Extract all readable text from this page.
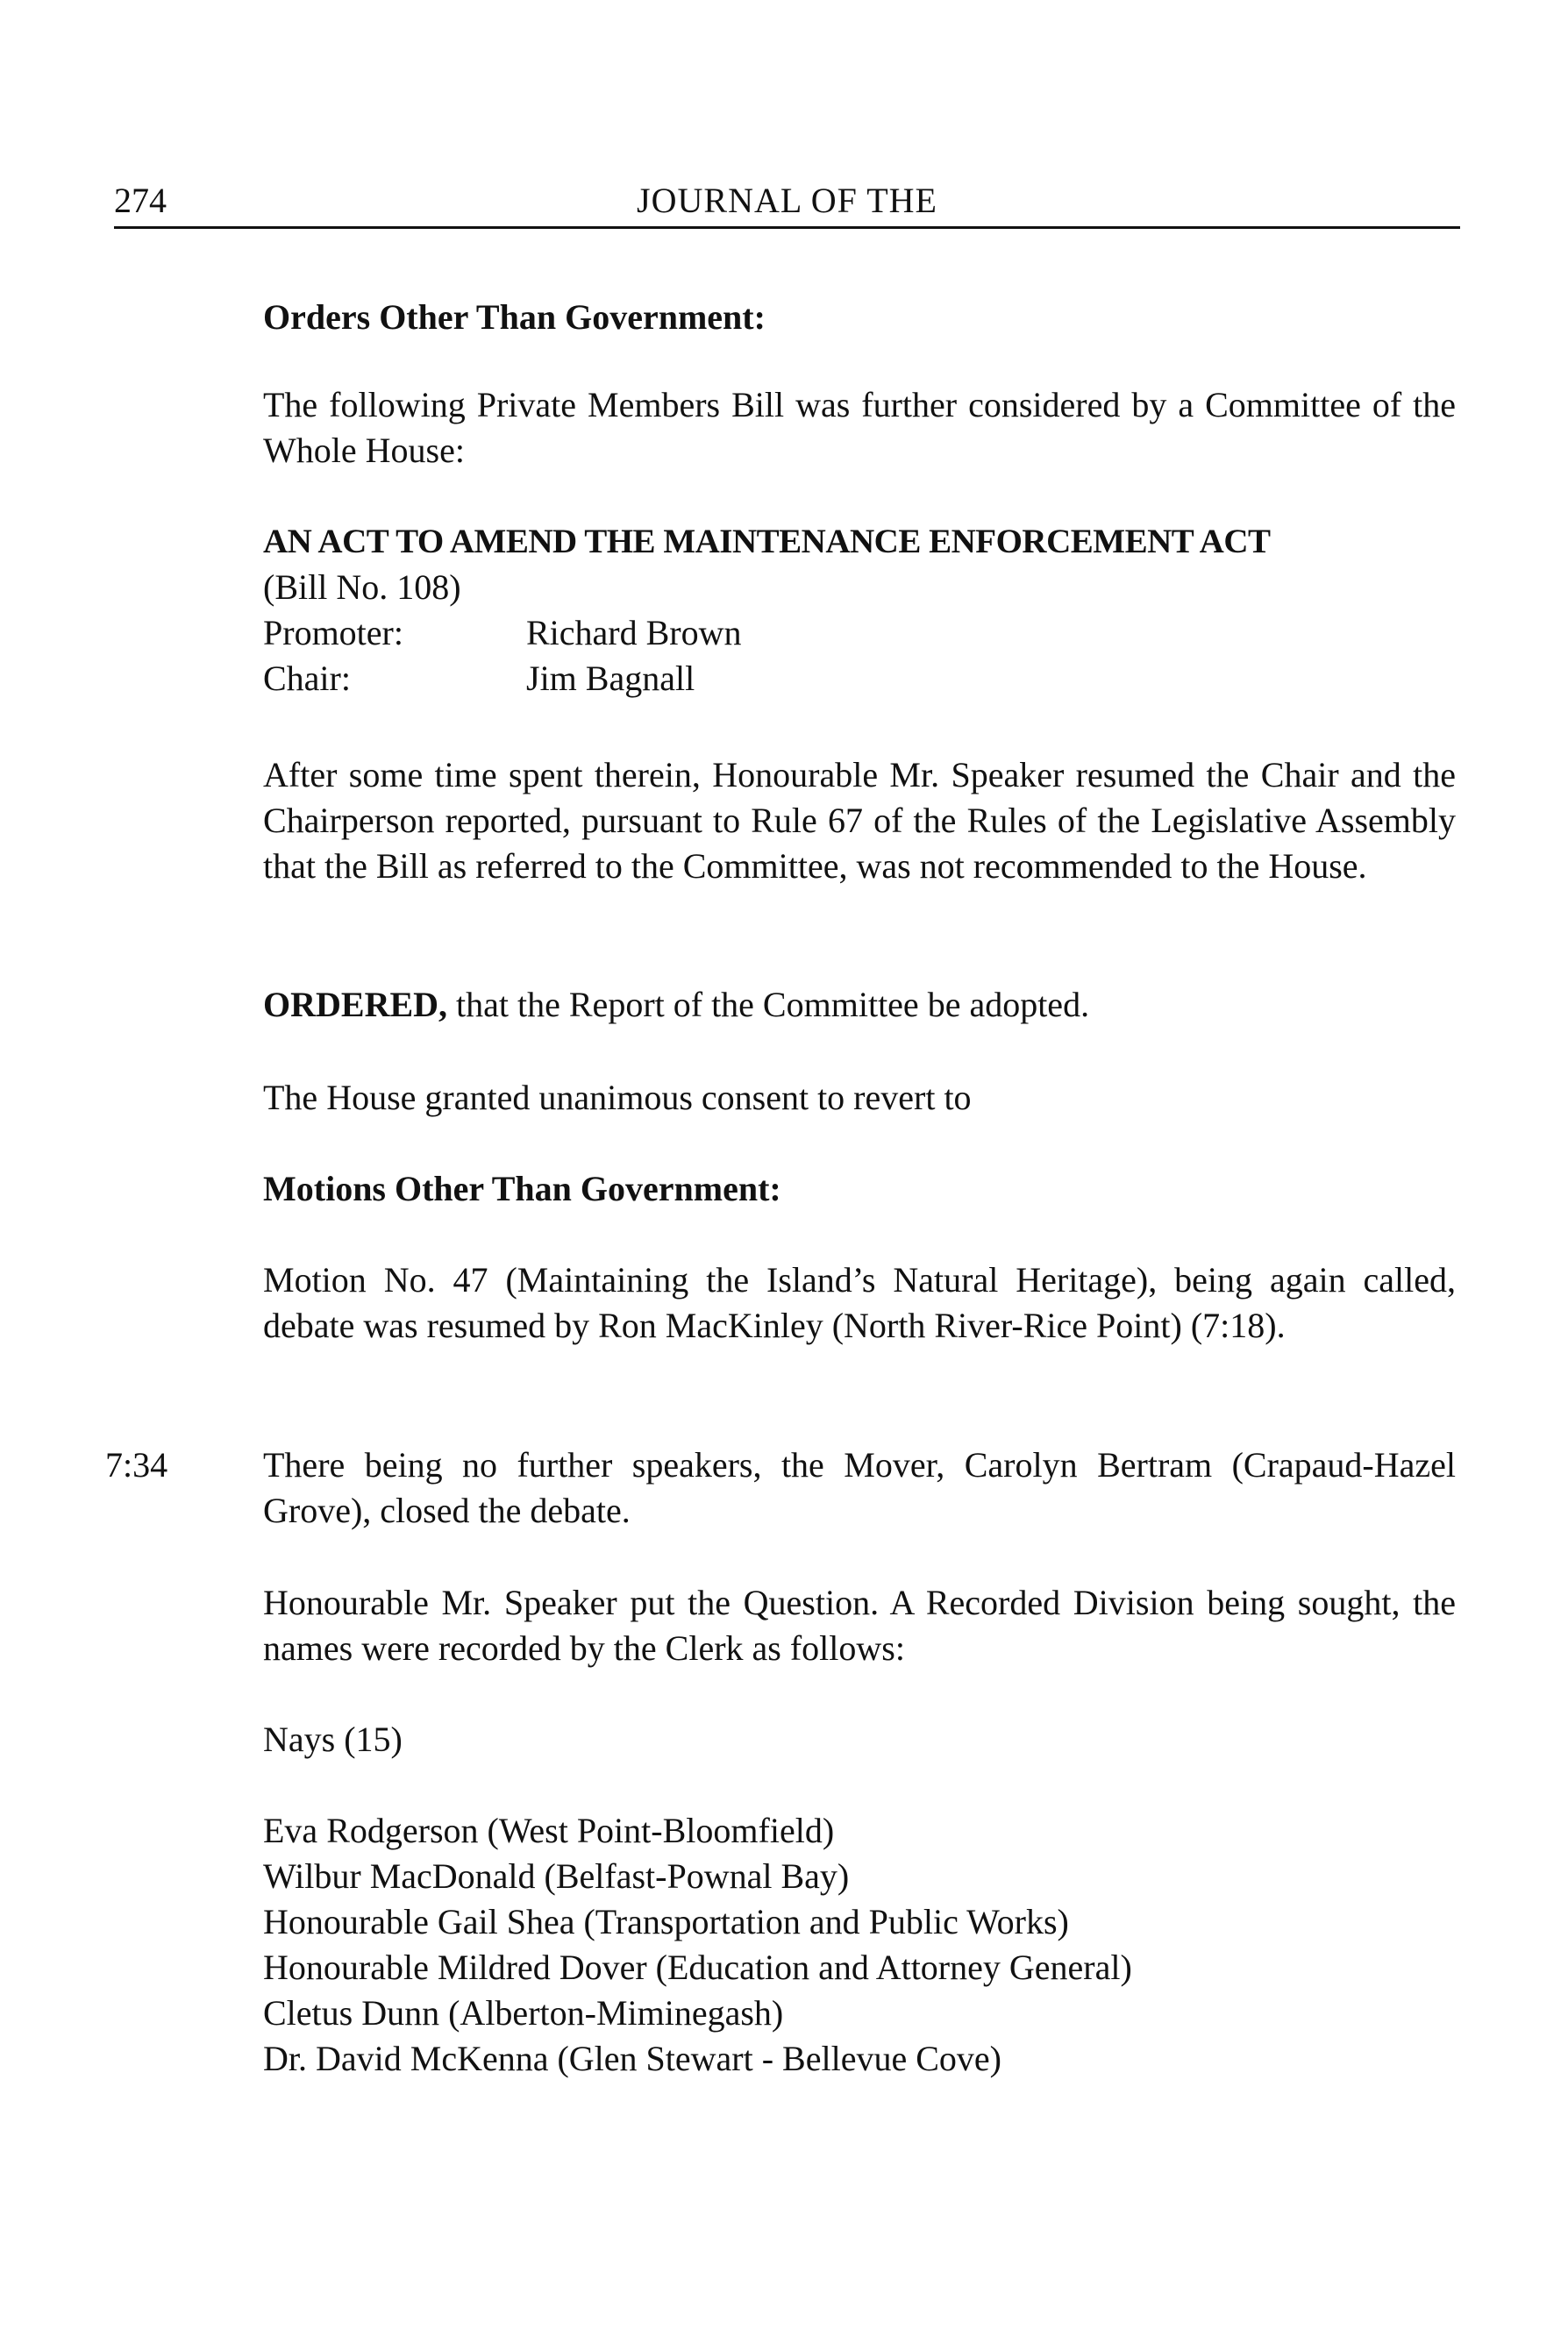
274	JOURNAL OF THE
Orders Other Than Government:
The following Private Members Bill was further considered by a Committee of the Whole House:
AN ACT TO AMEND THE MAINTENANCE ENFORCEMENT ACT
(Bill No. 108)
Promoter:	Richard Brown
Chair:	Jim Bagnall
After some time spent therein, Honourable Mr. Speaker resumed the Chair and the Chairperson reported, pursuant to Rule 67 of the Rules of the Legislative Assembly that the Bill as referred to the Committee, was not recommended to the House.
ORDERED, that the Report of the Committee be adopted.
The House granted unanimous consent to revert to
Motions Other Than Government:
Motion No. 47 (Maintaining the Island’s Natural Heritage), being again called, debate was resumed by Ron MacKinley (North River-Rice Point) (7:18).
7:34	There being no further speakers, the Mover, Carolyn Bertram (Crapaud-Hazel Grove), closed the debate.
Honourable Mr. Speaker put the Question. A Recorded Division being sought, the names were recorded by the Clerk as follows:
Nays (15)
Eva Rodgerson (West Point-Bloomfield)
Wilbur MacDonald (Belfast-Pownal Bay)
Honourable Gail Shea (Transportation and Public Works)
Honourable Mildred Dover (Education and Attorney General)
Cletus Dunn (Alberton-Miminegash)
Dr. David McKenna (Glen Stewart - Bellevue Cove)
